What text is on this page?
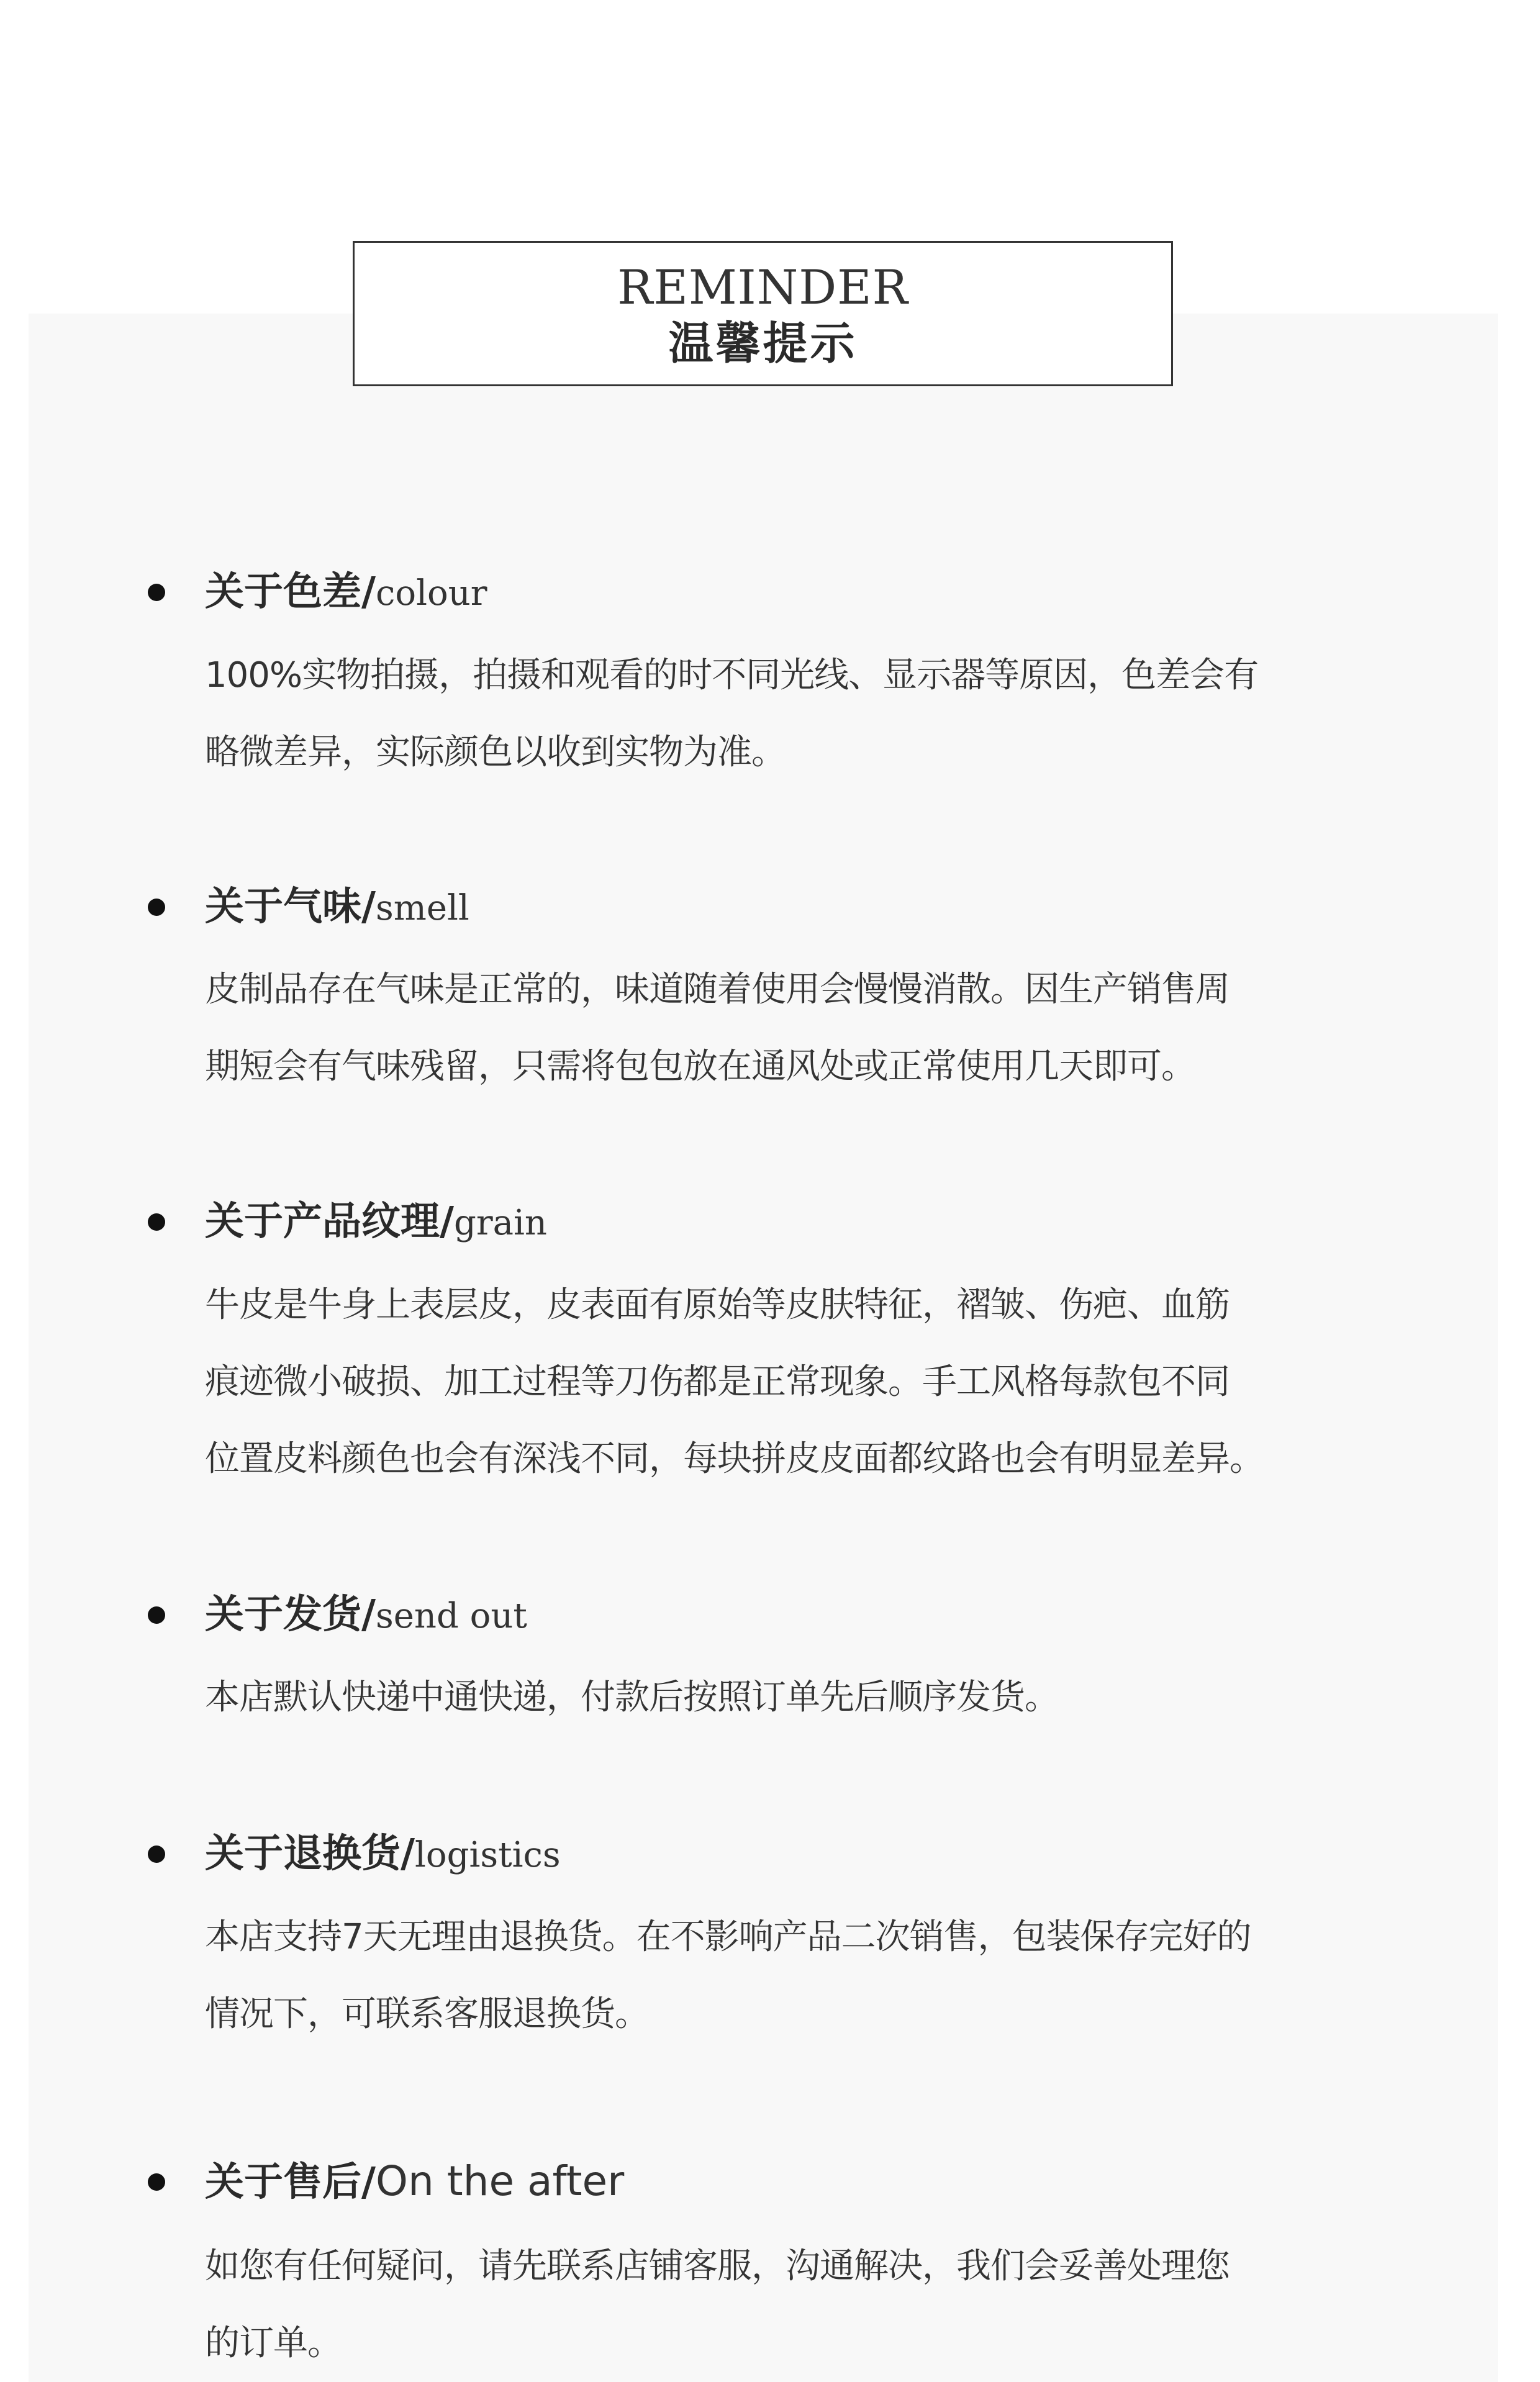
REMINDER
温馨提示
关于色差/colour
100%实物拍摄，拍摄和观看的时不同光线、显示器等原因，色差会有
略微差异，实际颜色以收到实物为准。
关于气味/smell
皮制品存在气味是正常的，味道随着使用会慢慢消散。因生产销售周
期短会有气味残留，只需将包包放在通风处或正常使用几天即可。
关于产品纹理/grain
牛皮是牛身上表层皮，皮表面有原始等皮肤特征，褶皱、伤疤、血筋
痕迹微小破损、加工过程等刀伤都是正常现象。手工风格每款包不同
位置皮料颜色也会有深浅不同，每块拼皮皮面都纹路也会有明显差异。
关于发货/send out
本店默认快递中通快递，付款后按照订单先后顺序发货。
关于退换货/logistics
本店支持7天无理由退换货。在不影响产品二次销售，包装保存完好的
情况下，可联系客服退换货。
关于售后/On the after
如您有任何疑问，请先联系店铺客服，沟通解决，我们会妥善处理您
的订单。
